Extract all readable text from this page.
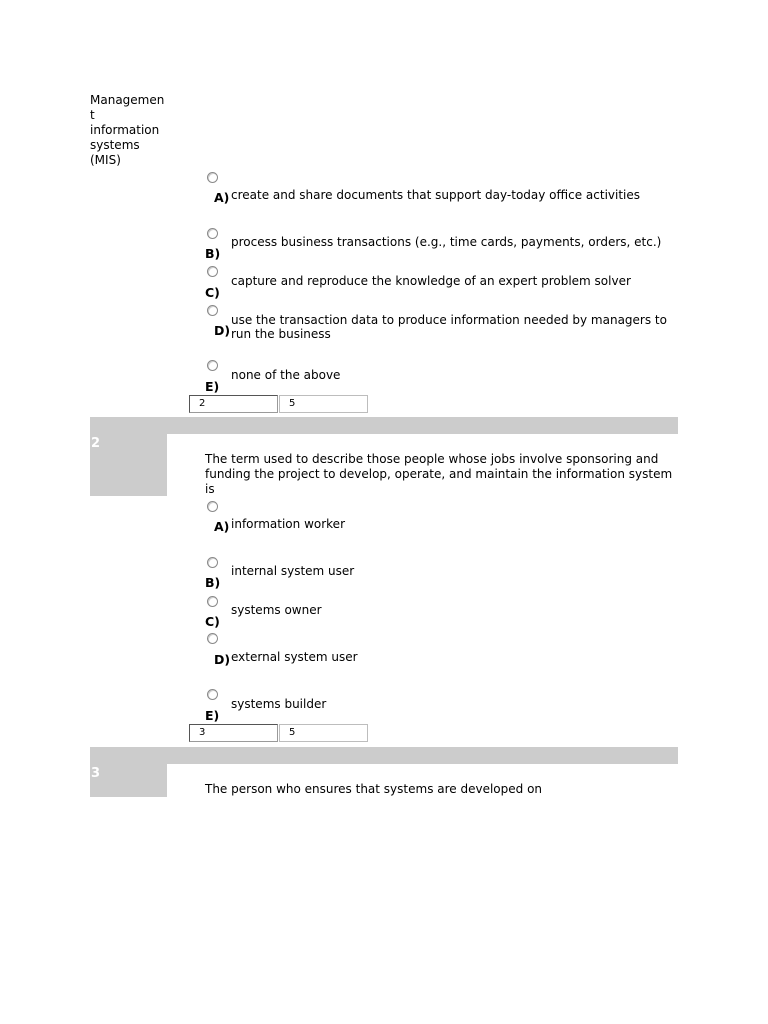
Managemen
t
information
systems
(MIS)
A) create and share documents that support day-today office activities
B)
process business transactions (e.g., time cards, payments, orders, etc.)
C)
capture and reproduce the knowledge of an expert problem solver
D)
use the transaction data to produce information needed by managers to run the business
E)
none of the above
2	5
2
The term used to describe those people whose jobs involve sponsoring and funding the project to develop, operate, and maintain the information system is
A) information worker
B)
internal system user
C)
systems owner
D) external system user
E)
systems builder
3	5
3
The person who ensures that systems are developed on
